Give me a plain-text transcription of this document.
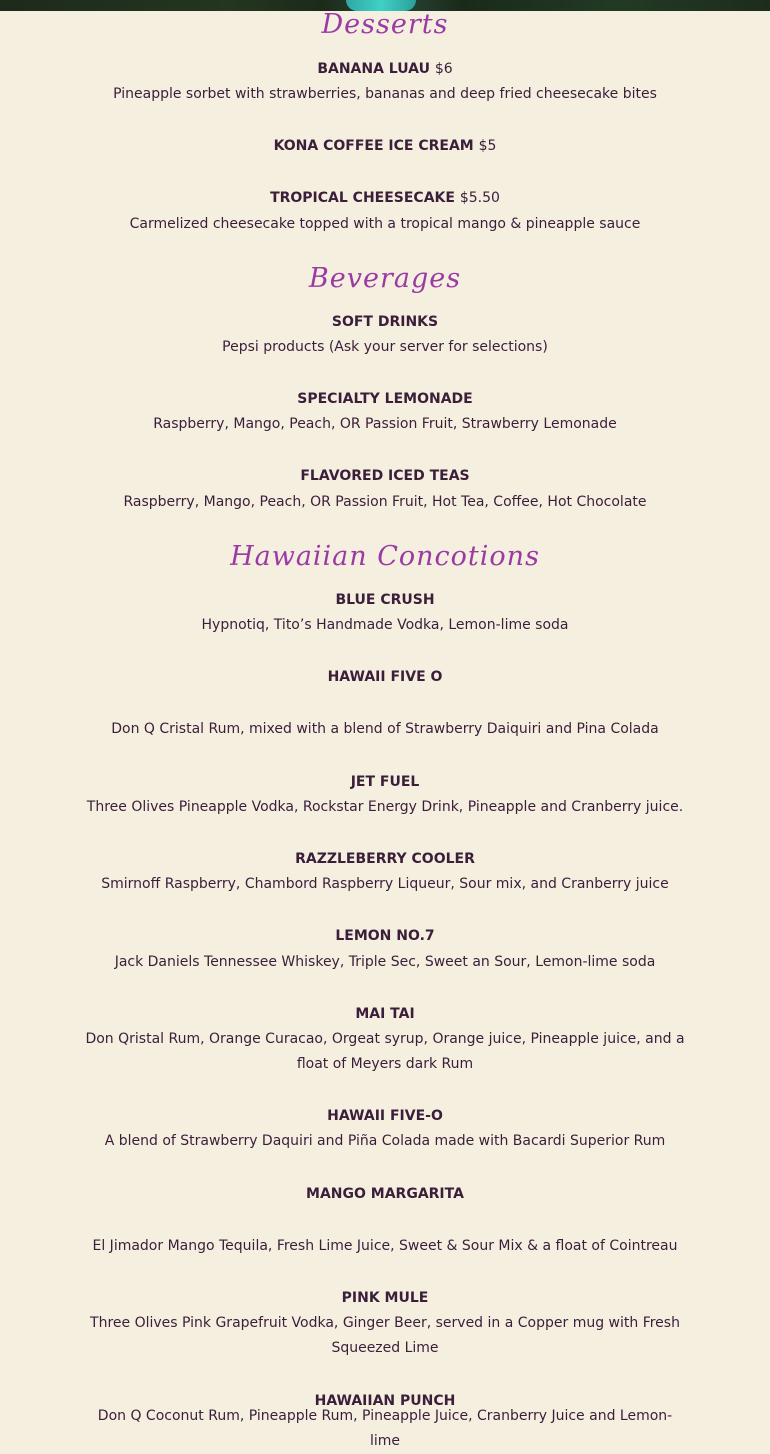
Desserts
BANANA LUAU $6
Pineapple sorbet with strawberries, bananas and deep fried cheesecake bites
KONA COFFEE ICE CREAM $5
TROPICAL CHEESECAKE $5.50
Carmelized cheesecake topped with a tropical mango & pineapple sauce
Beverages
SOFT DRINKS
Pepsi products (Ask your server for selections)
SPECIALTY LEMONADE
Raspberry, Mango, Peach, OR Passion Fruit, Strawberry Lemonade
FLAVORED ICED TEAS
Raspberry, Mango, Peach, OR Passion Fruit, Hot Tea, Coffee, Hot Chocolate
Hawaiian Concotions
BLUE CRUSH
Hypnotiq, Tito’s Handmade Vodka, Lemon-lime soda
HAWAII FIVE O
Don Q Cristal Rum, mixed with a blend of Strawberry Daiquiri and Pina Colada
JET FUEL
Three Olives Pineapple Vodka, Rockstar Energy Drink, Pineapple and Cranberry juice.
RAZZLEBERRY COOLER
Smirnoff Raspberry, Chambord Raspberry Liqueur, Sour mix, and Cranberry juice
LEMON NO.7
Jack Daniels Tennessee Whiskey, Triple Sec, Sweet an Sour, Lemon-lime soda
MAI TAI
Don Qristal Rum, Orange Curacao, Orgeat syrup, Orange juice, Pineapple juice, and a float of Meyers dark Rum
HAWAII FIVE-O
A blend of Strawberry Daquiri and Piña Colada made with Bacardi Superior Rum
MANGO MARGARITA
El Jimador Mango Tequila, Fresh Lime Juice, Sweet & Sour Mix & a float of Cointreau
PINK MULE
Three Olives Pink Grapefruit Vodka, Ginger Beer, served in a Copper mug with Fresh Squeezed Lime
HAWAIIAN PUNCH
Don Q Coconut Rum, Pineapple Rum, Pineapple Juice, Cranberry Juice and Lemon-lime
